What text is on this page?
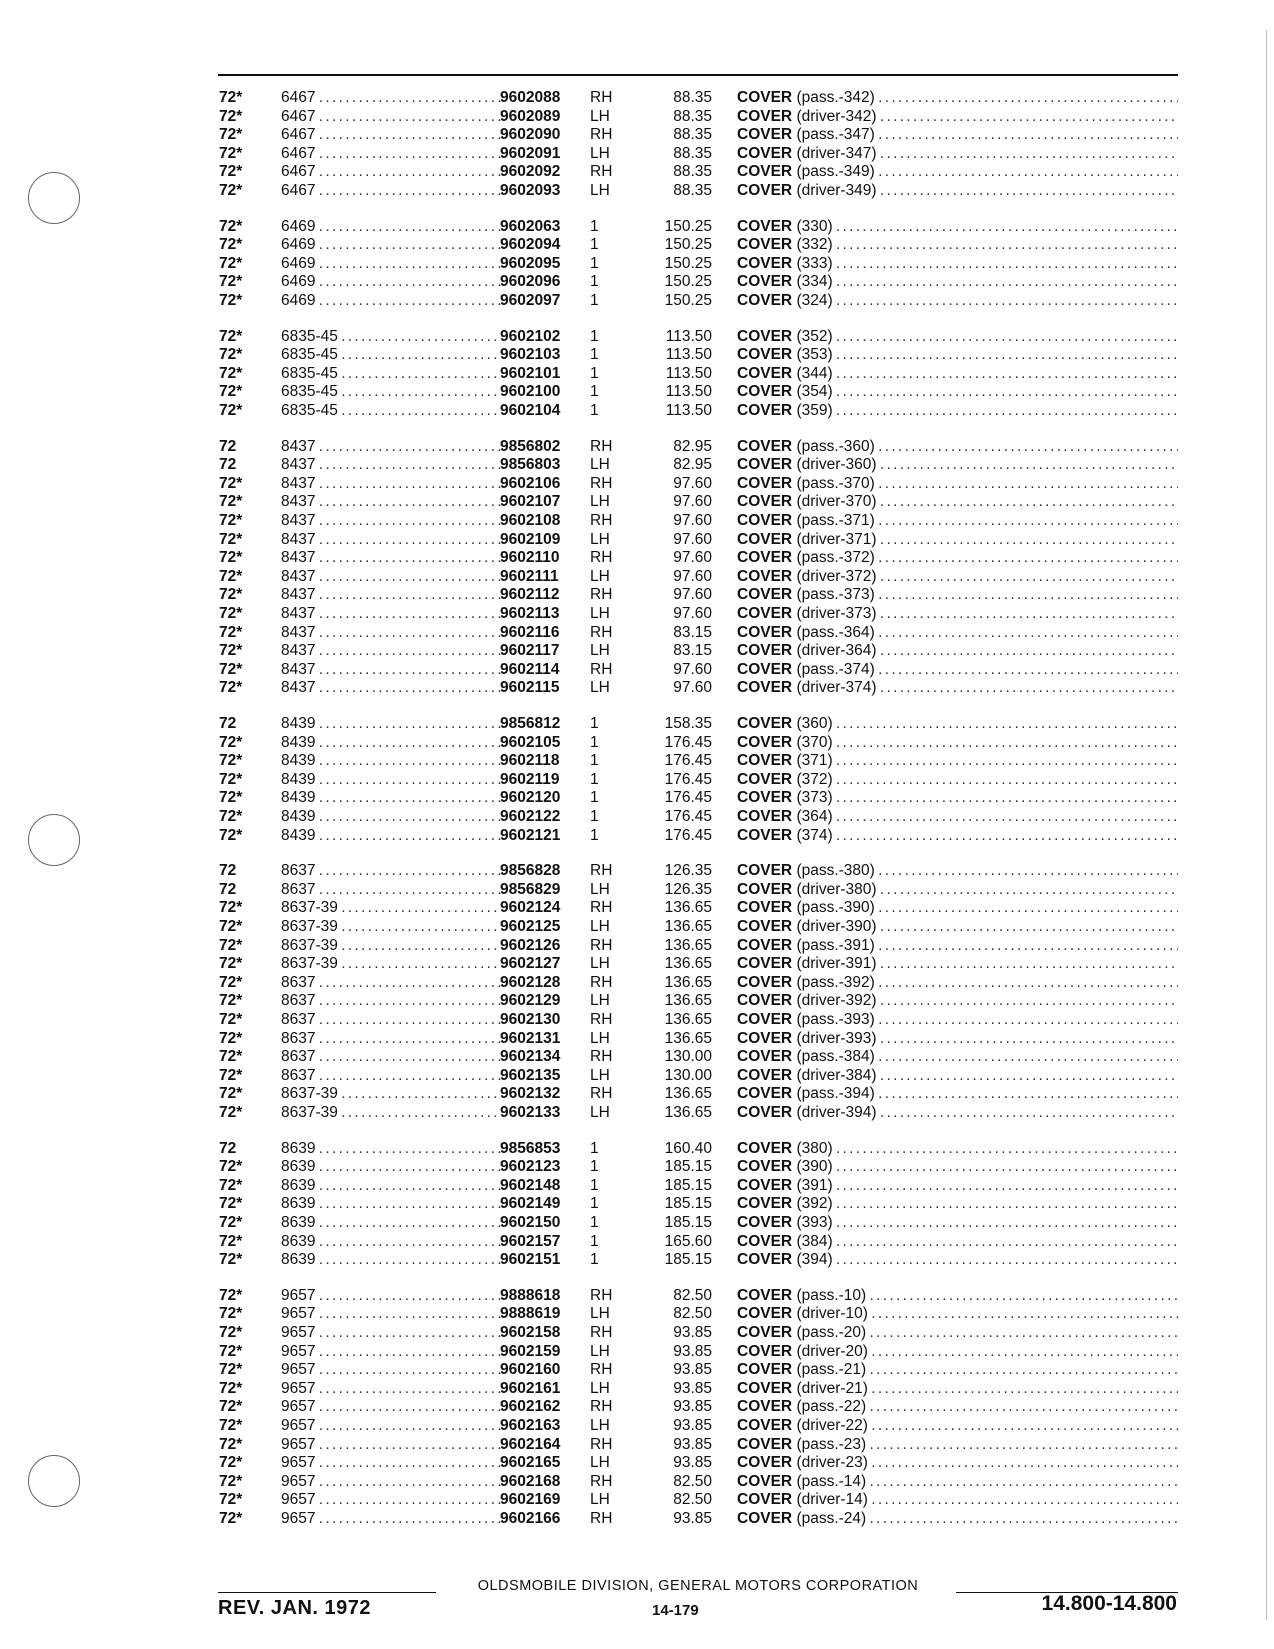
72* 6467 . . .	9602088 RH	88.35 COVER (pass.-342) . . .
72* 6467 . . .	9602089 LH	88.35 COVER (driver-342) . . .
72* 6467 . . .	9602090 RH	88.35 COVER (pass.-347) . . .
72* 6467 . . .	9602091 LH	88.35 COVER (driver-347) . . .
72* 6467 . . .	9602092 RH	88.35 COVER (pass.-349) . . .
72* 6467 . . .	9602093 LH	88.35 COVER (driver-349) . . .
72* 6469 . . .	9602063 1	150.25 COVER (330) . . .
72* 6469 . . .	9602094 1	150.25 COVER (332) . . .
72* 6469 . . .	9602095 1	150.25 COVER (333) . . .
72* 6469 . . .	9602096 1	150.25 COVER (334) . . .
72* 6469 . . .	9602097 1	150.25 COVER (324) . . .
72* 6835-45 . . .	9602102 1	113.50 COVER (352) . . .
72* 6835-45 . . .	9602103 1	113.50 COVER (353) . . .
72* 6835-45 . . .	9602101 1	113.50 COVER (344) . . .
72* 6835-45 . . .	9602100 1	113.50 COVER (354) . . .
72* 6835-45 . . .	9602104 1	113.50 COVER (359) . . .
72	8437 . . .	9856802 RH	82.95 COVER (pass.-360) . . .
72	8437 . . .	9856803 LH	82.95 COVER (driver-360) . . .
72* 8437 . . .	9602106 RH	97.60 COVER (pass.-370) . . .
72* 8437 . . .	9602107 LH	97.60 COVER (driver-370) . . .
72* 8437 . . .	9602108 RH	97.60 COVER (pass.-371) . . .
72* 8437 . . .	9602109 LH	97.60 COVER (driver-371) . . .
72* 8437 . . .	9602110 RH	97.60 COVER (pass.-372) . . .
72* 8437 . . .	9602111 LH	97.60 COVER (driver-372) . . .
72* 8437 . . .	9602112 RH	97.60 COVER (pass.-373) . . .
72* 8437 . . .	9602113 LH	97.60 COVER (driver-373) . . .
72* 8437 . . .	9602116 RH	83.15 COVER (pass.-364) . . .
72* 8437 . . .	9602117 LH	83.15 COVER (driver-364) . . .
72* 8437 . . .	9602114 RH	97.60 COVER (pass.-374) . . .
72* 8437 . . .	9602115 LH	97.60 COVER (driver-374) . . .
72	8439 . . .	9856812 1	158.35 COVER (360) . . .
72* 8439 . . .	9602105 1	176.45 COVER (370) . . .
72* 8439 . . .	9602118 1	176.45 COVER (371) . . .
72* 8439 . . .	9602119 1	176.45 COVER (372) . . .
72* 8439 . . .	9602120 1	176.45 COVER (373) . . .
72* 8439 . . .	9602122 1	176.45 COVER (364) . . .
72* 8439 . . .	9602121 1	176.45 COVER (374) . . .
72	8637 . . .	9856828 RH	126.35 COVER (pass.-380) . . .
72	8637 . . .	9856829 LH	126.35 COVER (driver-380) . . .
72* 8637-39 . . .	9602124 RH	136.65 COVER (pass.-390) . . .
72* 8637-39 . . .	9602125 LH	136.65 COVER (driver-390) . . .
72* 8637-39 . . .	9602126 RH	136.65 COVER (pass.-391) . . .
72* 8637-39 . . .	9602127 LH	136.65 COVER (driver-391) . . .
72* 8637 . . .	9602128 RH	136.65 COVER (pass.-392) . . .
72* 8637 . . .	9602129 LH	136.65 COVER (driver-392) . . .
72* 8637 . . .	9602130 RH	136.65 COVER (pass.-393) . . .
72* 8637 . . .	9602131 LH	136.65 COVER (driver-393) . . .
72* 8637 . . .	9602134 RH	130.00 COVER (pass.-384) . . .
72* 8637 . . .	9602135 LH	130.00 COVER (driver-384) . . .
72* 8637-39 . . .	9602132 RH	136.65 COVER (pass.-394) . . .
72* 8637-39 . . .	9602133 LH	136.65 COVER (driver-394) . . .
72	8639 . . .	9856853 1	160.40 COVER (380) . . .
72* 8639 . . .	9602123 1	185.15 COVER (390) . . .
72* 8639 . . .	9602148 1	185.15 COVER (391) . . .
72* 8639 . . .	9602149 1	185.15 COVER (392) . . .
72* 8639 . . .	9602150 1	185.15 COVER (393) . . .
72* 8639 . . .	9602157 1	165.60 COVER (384) . . .
72* 8639 . . .	9602151 1	185.15 COVER (394) . . .
72* 9657 . . .	9888618 RH	82.50 COVER (pass.-10) . . .
72* 9657 . . .	9888619 LH	82.50 COVER (driver-10) . . .
72* 9657 . . .	9602158 RH	93.85 COVER (pass.-20) . . .
72* 9657 . . .	9602159 LH	93.85 COVER (driver-20) . . .
72* 9657 . . .	9602160 RH	93.85 COVER (pass.-21) . . .
72* 9657 . . .	9602161 LH	93.85 COVER (driver-21) . . .
72* 9657 . . .	9602162 RH	93.85 COVER (pass.-22) . . .
72* 9657 . . .	9602163 LH	93.85 COVER (driver-22) . . .
72* 9657 . . .	9602164 RH	93.85 COVER (pass.-23) . . .
72* 9657 . . .	9602165 LH	93.85 COVER (driver-23) . . .
72* 9657 . . .	9602168 RH	82.50 COVER (pass.-14) . . .
72* 9657 . . .	9602169 LH	82.50 COVER (driver-14) . . .
72* 9657 . . .	9602166 RH	93.85 COVER (pass.-24) . . .
OLDSMOBILE DIVISION, GENERAL MOTORS CORPORATION
REV. JAN. 1972	14-179	14.800-14.800
